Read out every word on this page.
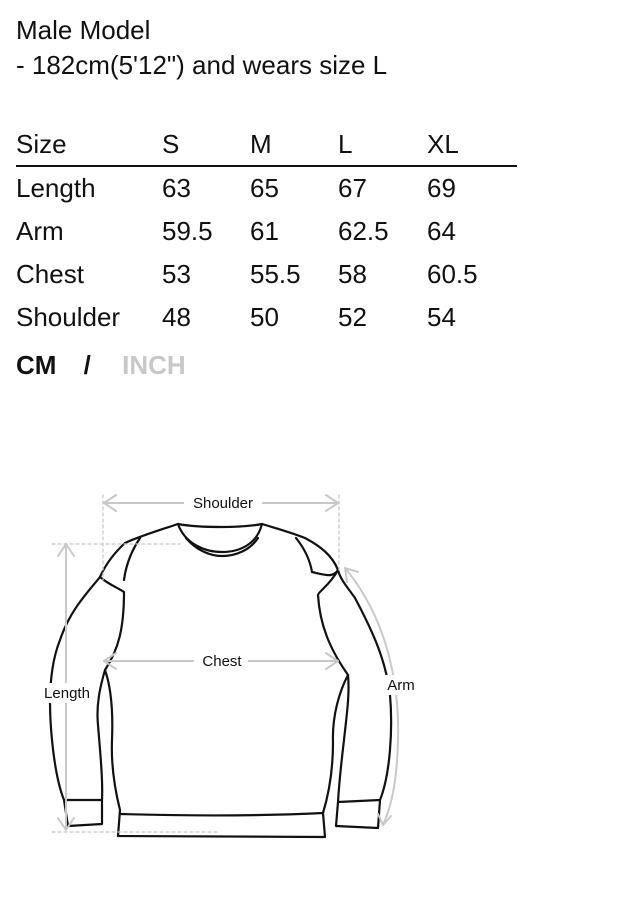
Male Model
- 182cm(5'12") and wears size L
Size	S	M	L	XL
Length	63	65	67	69
Arm	59.5	61	62.5	64
Chest	53	55.5	58	60.5
Shoulder	48	50	52	54
CM / INCH
Shoulder
Chest
Length	Arm
